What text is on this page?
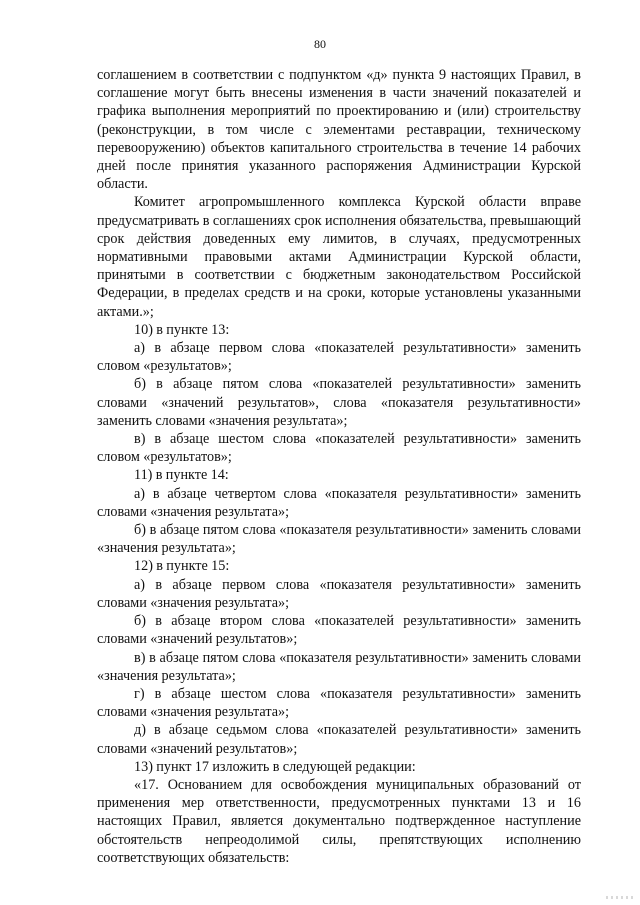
80

соглашением в соответствии с подпунктом «д» пункта 9 настоящих Правил, в соглашение могут быть внесены изменения в части значений показателей и графика выполнения мероприятий по проектированию и (или) строительству (реконструкции, в том числе с элементами реставрации, техническому перевооружению) объектов капитального строительства в течение 14 рабочих дней после принятия указанного распоряжения Администрации Курской области.

Комитет агропромышленного комплекса Курской области вправе предусматривать в соглашениях срок исполнения обязательства, превышающий срок действия доведенных ему лимитов, в случаях, предусмотренных нормативными правовыми актами Администрации Курской области, принятыми в соответствии с бюджетным законодательством Российской Федерации, в пределах средств и на сроки, которые установлены указанными актами.»;

10) в пункте 13:

а) в абзаце первом слова «показателей результативности» заменить словом «результатов»;

б) в абзаце пятом слова «показателей результативности» заменить словами «значений результатов», слова «показателя результативности» заменить словами «значения результата»;

в) в абзаце шестом слова «показателей результативности» заменить словом «результатов»;

11) в пункте 14:

а) в абзаце четвертом слова «показателя результативности» заменить словами «значения результата»;

б) в абзаце пятом слова «показателя результативности» заменить словами «значения результата»;

12) в пункте 15:

а) в абзаце первом слова «показателя результативности» заменить словами «значения результата»;

б) в абзаце втором слова «показателей результативности» заменить словами «значений результатов»;

в) в абзаце пятом слова «показателя результативности» заменить словами «значения результата»;

г) в абзаце шестом слова «показателя результативности» заменить словами «значения результата»;

д) в абзаце седьмом слова «показателей результативности» заменить словами «значений результатов»;

13) пункт 17 изложить в следующей редакции:

«17. Основанием для освобождения муниципальных образований от применения мер ответственности, предусмотренных пунктами 13 и 16 настоящих Правил, является документально подтвержденное наступление обстоятельств непреодолимой силы, препятствующих исполнению соответствующих обязательств:
